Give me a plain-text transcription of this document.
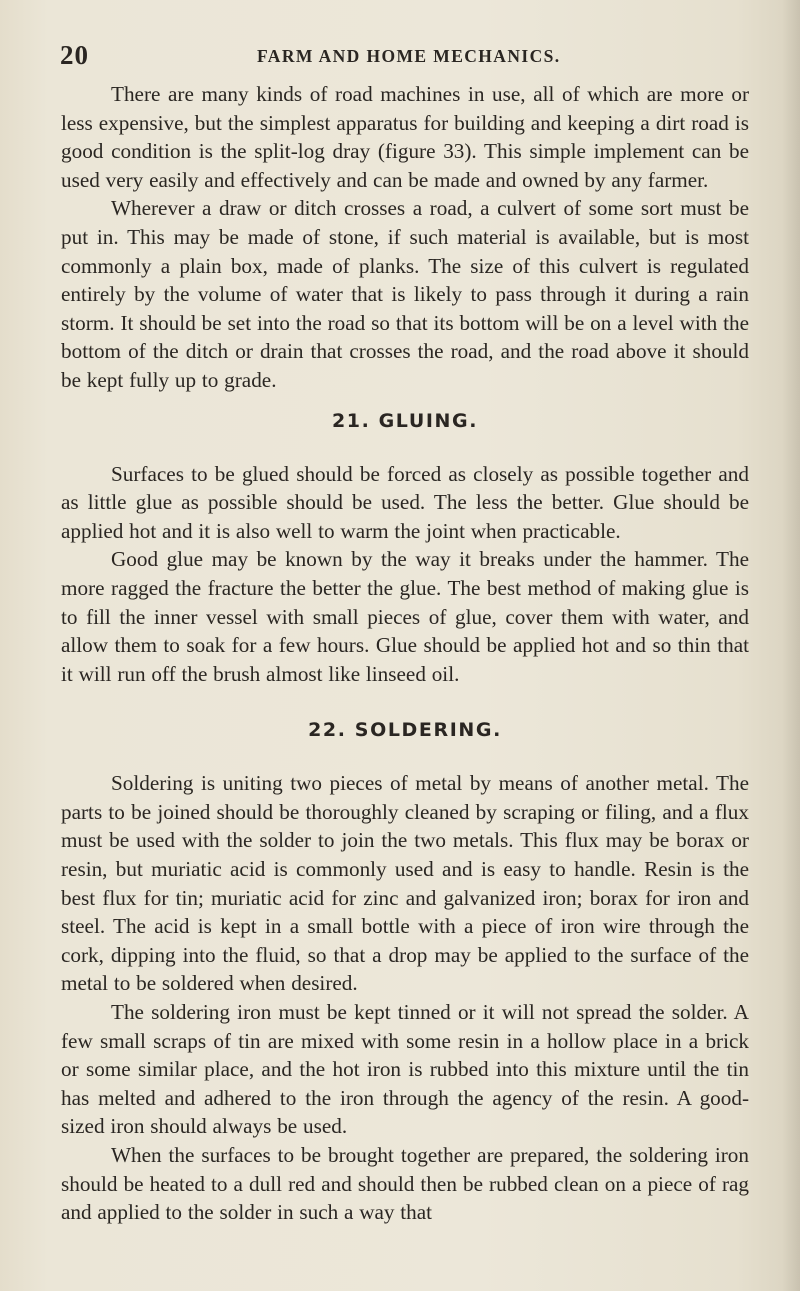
20	FARM AND HOME MECHANICS.

There are many kinds of road machines in use, all of which are more or less expensive, but the simplest apparatus for building and keeping a dirt road is good condition is the split-log dray (figure 33). This simple implement can be used very easily and effectively and can be made and owned by any farmer.

Wherever a draw or ditch crosses a road, a culvert of some sort must be put in. This may be made of stone, if such material is available, but is most commonly a plain box, made of planks. The size of this culvert is regulated entirely by the volume of water that is likely to pass through it during a rain storm. It should be set into the road so that its bottom will be on a level with the bottom of the ditch or drain that crosses the road, and the road above it should be kept fully up to grade.

21. GLUING.

Surfaces to be glued should be forced as closely as possible together and as little glue as possible should be used. The less the better. Glue should be applied hot and it is also well to warm the joint when practicable.

Good glue may be known by the way it breaks under the hammer. The more ragged the fracture the better the glue. The best method of making glue is to fill the inner vessel with small pieces of glue, cover them with water, and allow them to soak for a few hours. Glue should be applied hot and so thin that it will run off the brush almost like linseed oil.

22. SOLDERING.

Soldering is uniting two pieces of metal by means of another metal. The parts to be joined should be thoroughly cleaned by scraping or filing, and a flux must be used with the solder to join the two metals. This flux may be borax or resin, but muriatic acid is commonly used and is easy to handle. Resin is the best flux for tin; muriatic acid for zinc and galvanized iron; borax for iron and steel. The acid is kept in a small bottle with a piece of iron wire through the cork, dipping into the fluid, so that a drop may be applied to the surface of the metal to be soldered when desired.

The soldering iron must be kept tinned or it will not spread the solder. A few small scraps of tin are mixed with some resin in a hollow place in a brick or some similar place, and the hot iron is rubbed into this mixture until the tin has melted and adhered to the iron through the agency of the resin. A good-sized iron should always be used.

When the surfaces to be brought together are prepared, the soldering iron should be heated to a dull red and should then be rubbed clean on a piece of rag and applied to the solder in such a way that
